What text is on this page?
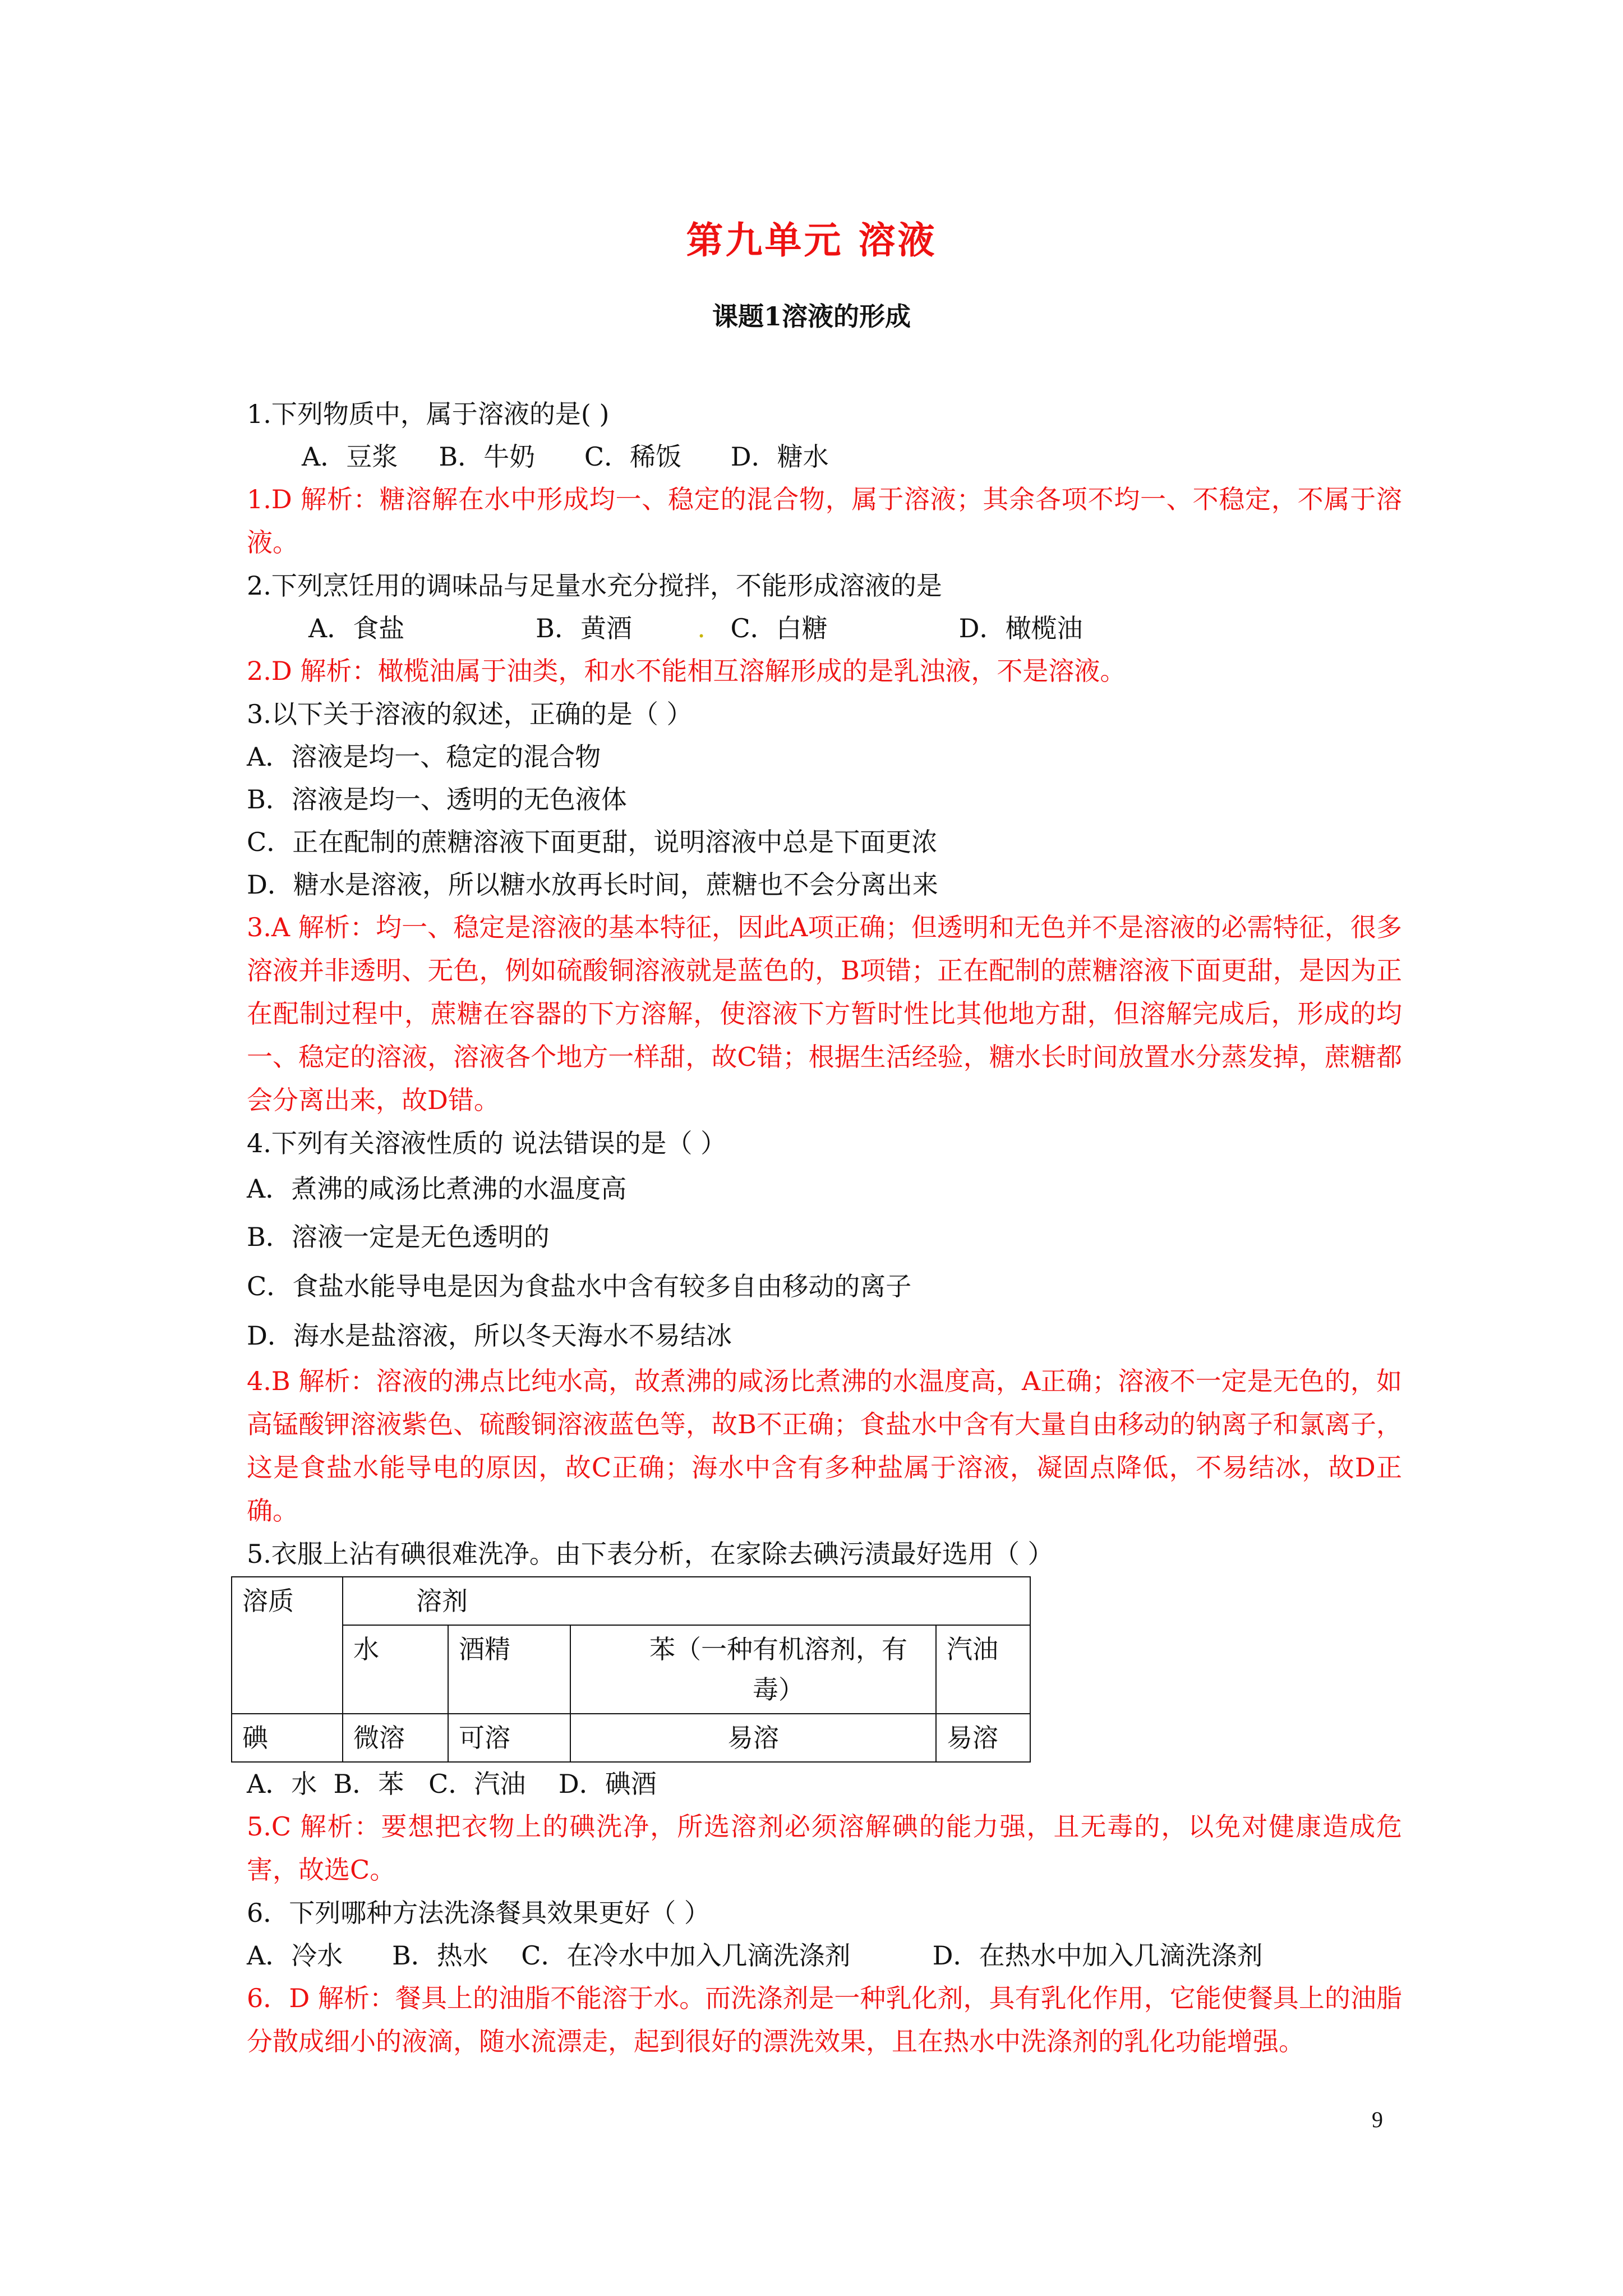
第九单元 溶液
课题1溶液的形成
1.下列物质中，属于溶液的是( )
A．豆浆     B．牛奶      C．稀饭      D．糖水
1.D 解析：糖溶解在水中形成均一、稳定的混合物，属于溶液；其余各项不均一、不稳定，不属于溶液。
2.下列烹饪用的调味品与足量水充分搅拌，不能形成溶液的是
A．食盐                B．黄酒	. C．白糖                D．橄榄油
2.D 解析：橄榄油属于油类，和水不能相互溶解形成的是乳浊液，不是溶液。
3.以下关于溶液的叙述，正确的是（ ）
A．溶液是均一、稳定的混合物
B．溶液是均一、透明的无色液体
C．正在配制的蔗糖溶液下面更甜，说明溶液中总是下面更浓
D．糖水是溶液，所以糖水放再长时间，蔗糖也不会分离出来
3.A 解析：均一、稳定是溶液的基本特征，因此A项正确；但透明和无色并不是溶液的必需特征，很多溶液并非透明、无色，例如硫酸铜溶液就是蓝色的，B项错；正在配制的蔗糖溶液下面更甜，是因为正在配制过程中，蔗糖在容器的下方溶解，使溶液下方暂时性比其他地方甜，但溶解完成后，形成的均一、稳定的溶液，溶液各个地方一样甜，故C错；根据生活经验，糖水长时间放置水分蒸发掉，蔗糖都会分离出来，故D错。
4.下列有关溶液性质的 说法错误的是（ ）
A．煮沸的咸汤比煮沸的水温度高
B．溶液一定是无色透明的
C．食盐水能导电是因为食盐水中含有较多自由移动的离子
D．海水是盐溶液，所以冬天海水不易结冰
4.B 解析：溶液的沸点比纯水高，故煮沸的咸汤比煮沸的水温度高，A正确；溶液不一定是无色的，如高锰酸钾溶液紫色、硫酸铜溶液蓝色等，故B不正确；食盐水中含有大量自由移动的钠离子和氯离子，这是食盐水能导电的原因，故C正确；海水中含有多种盐属于溶液，凝固点降低，不易结冰，故D正确。
5.衣服上沾有碘很难洗净。由下表分析，在家除去碘污渍最好选用（ ）
溶质	溶剂			
	水	酒精	苯（一种有机溶剂，有毒）	汽油
碘	微溶	可溶	易溶	易溶
A．水  B．苯   C．汽油    D．碘酒
5.C 解析：要想把衣物上的碘洗净，所选溶剂必须溶解碘的能力强，且无毒的，以免对健康造成危害，故选C。
6．下列哪种方法洗涤餐具效果更好（ ）
A．冷水      B．热水    C．在冷水中加入几滴洗涤剂          D．在热水中加入几滴洗涤剂
6．D 解析：餐具上的油脂不能溶于水。而洗涤剂是一种乳化剂，具有乳化作用，它能使餐具上的油脂分散成细小的液滴，随水流漂走，起到很好的漂洗效果，且在热水中洗涤剂的乳化功能增强。
9
